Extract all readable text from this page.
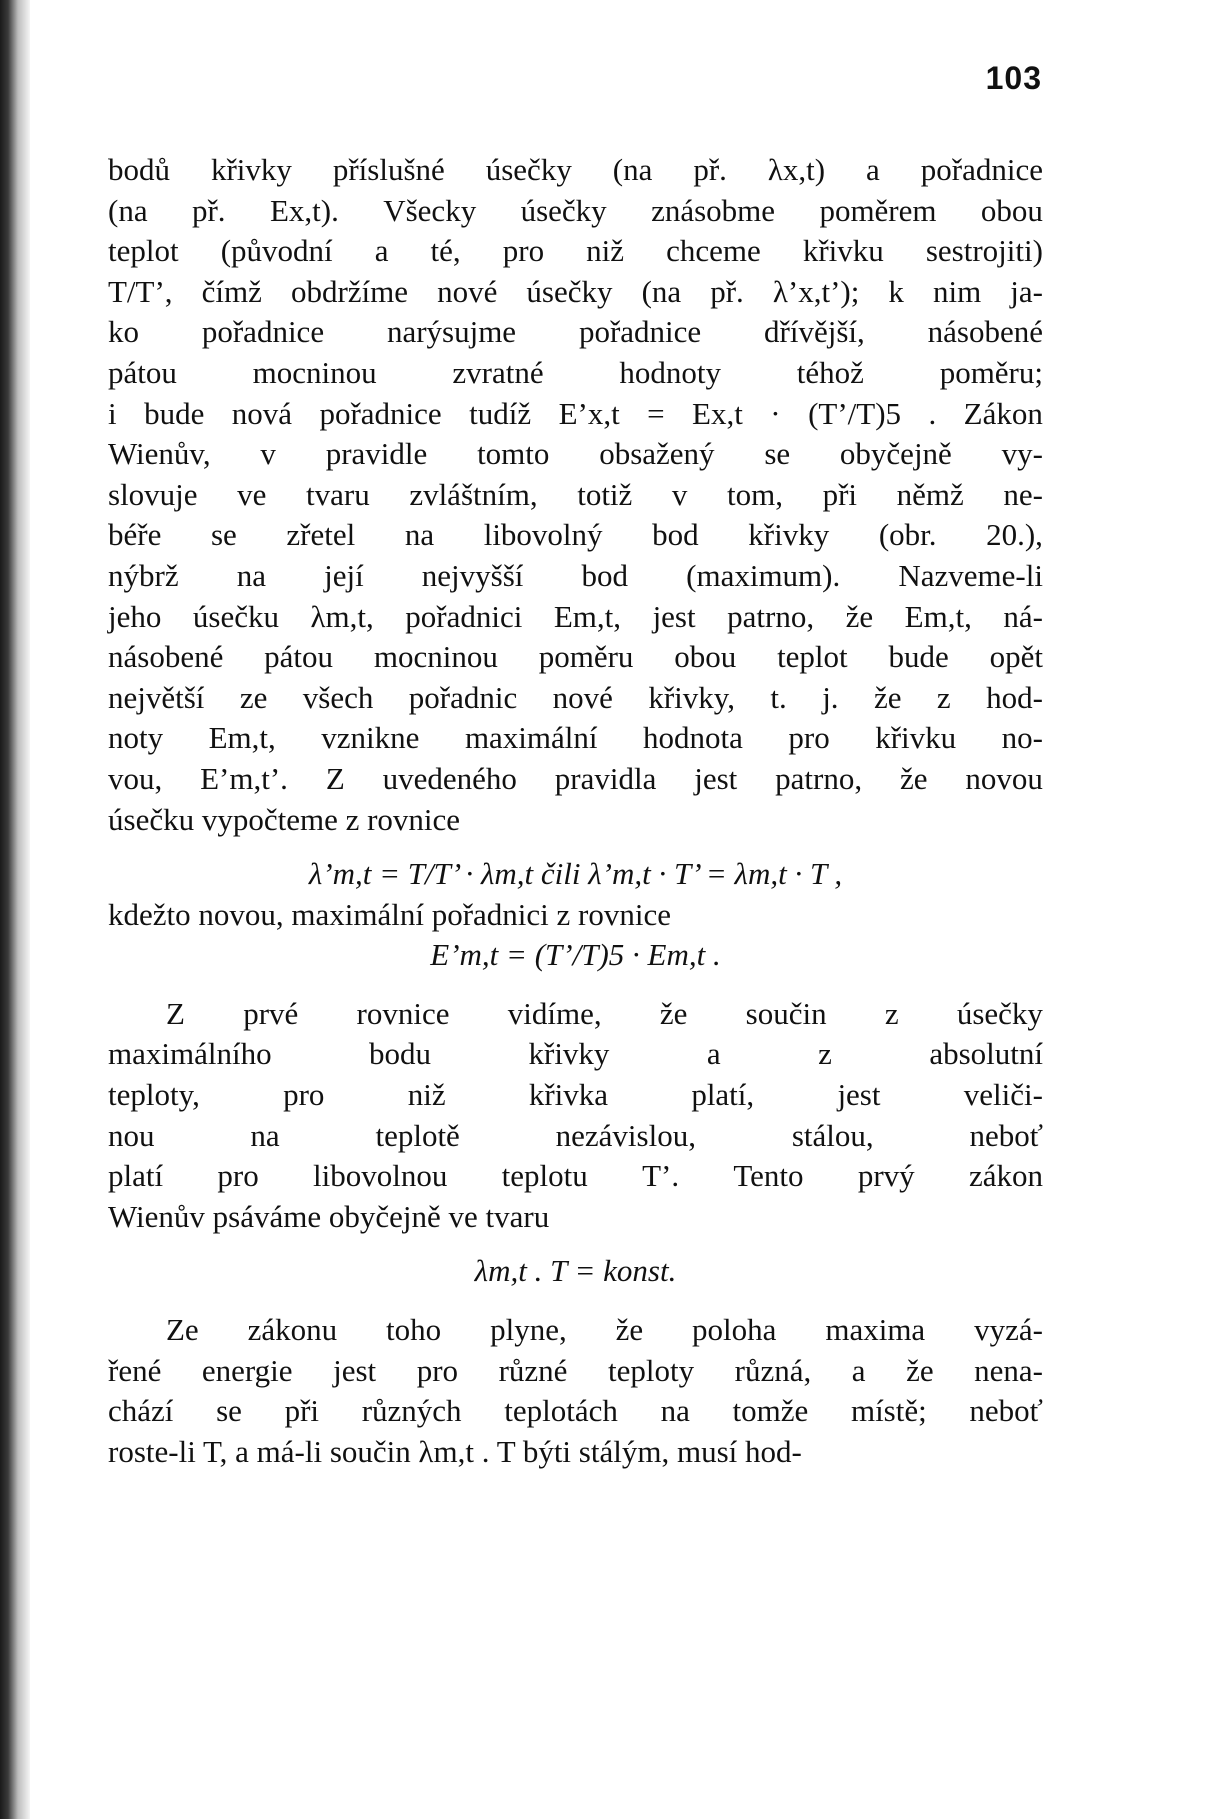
103
bodů křivky příslušné úsečky (na př. λx,t) a pořadnice
(na př. Ex,t). Všecky úsečky znásobme poměrem obou
teplot (původní a té, pro niž chceme křivku sestrojiti)
T/T’, čímž obdržíme nové úsečky (na př. λ’x,t’); k nim ja-
ko pořadnice narýsujme pořadnice dřívější, násobené
pátou mocninou zvratné hodnoty téhož poměru;
i bude nová pořadnice tudíž E’x,t = Ex,t · (T’/T)5 . Zákon
Wienův, v pravidle tomto obsažený se obyčejně vy-
slovuje ve tvaru zvláštním, totiž v tom, při němž ne-
béře se zřetel na libovolný bod křivky (obr. 20.),
nýbrž na její nejvyšší bod (maximum). Nazveme-li
jeho úsečku λm,t, pořadnici Em,t, jest patrno, že Em,t, ná-
násobené pátou mocninou poměru obou teplot bude opět
největší ze všech pořadnic nové křivky, t. j. že z hod-
noty Em,t, vznikne maximální hodnota pro křivku no-
vou, E’m,t’. Z uvedeného pravidla jest patrno, že novou
úsečku vypočteme z rovnice
λ’m,t = T/T’ · λm,t čili λ’m,t · T’ = λm,t · T ,
kdežto novou, maximální pořadnici z rovnice
E’m,t = (T’/T)5 · Em,t .
Z prvé rovnice vidíme, že součin z úsečky
maximálního	bodu	křivky	a	z	absolutní
teploty,	pro	niž	křivka	platí,	jest	veliči-
nou	na	teplotě	nezávislou,	stálou,	neboť
platí pro libovolnou teplotu T’. Tento prvý zákon
Wienův psáváme obyčejně ve tvaru
λm,t . T = konst.
Ze zákonu toho plyne, že poloha maxima vyzá-
řené energie jest pro různé teploty různá, a že nena-
chází se při různých teplotách na tomže místě; neboť
roste-li T, a má-li součin λm,t . T býti stálým, musí hod-
